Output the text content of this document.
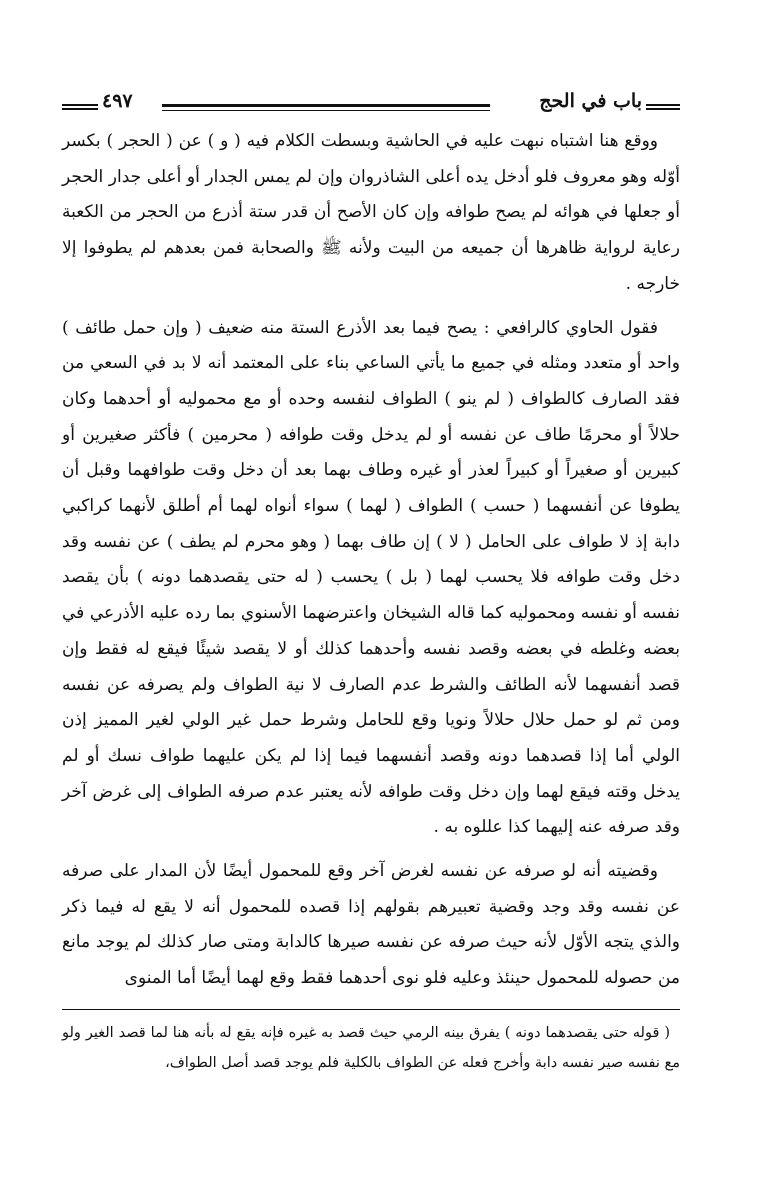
باب في الحج
٤٩٧

ووقع هنا اشتباه نبهت عليه في الحاشية وبسطت الكلام فيه ( و ) عن ( الحجر ) بكسر أوّله وهو معروف فلو أدخل يده أعلى الشاذروان وإن لم يمس الجدار أو أعلى جدار الحجر أو جعلها في هوائه لم يصح طوافه وإن كان الأصح أن قدر ستة أذرع من الحجر من الكعبة رعاية لرواية ظاهرها أن جميعه من البيت ولأنه ﷺ والصحابة فمن بعدهم لم يطوفوا إلا خارجه .

فقول الحاوي كالرافعي : يصح فيما بعد الأذرع الستة منه ضعيف ( وإن حمل طائف ) واحد أو متعدد ومثله في جميع ما يأتي الساعي بناء على المعتمد أنه لا بد في السعي من فقد الصارف كالطواف ( لم ينو ) الطواف لنفسه وحده أو مع محموليه أو أحدهما وكان حلالاً أو محرمًا طاف عن نفسه أو لم يدخل وقت طوافه ( محرمين ) فأكثر صغيرين أو كبيرين أو صغيراً أو كبيراً لعذر أو غيره وطاف بهما بعد أن دخل وقت طوافهما وقبل أن يطوفا عن أنفسهما ( حسب ) الطواف ( لهما ) سواء أنواه لهما أم أطلق لأنهما كراكبي دابة إذ لا طواف على الحامل ( لا ) إن طاف بهما ( وهو محرم لم يطف ) عن نفسه وقد دخل وقت طوافه فلا يحسب لهما ( بل ) يحسب ( له حتى يقصدهما دونه ) بأن يقصد نفسه أو نفسه ومحموليه كما قاله الشيخان واعترضهما الأسنوي بما رده عليه الأذرعي في بعضه وغلطه في بعضه وقصد نفسه وأحدهما كذلك أو لا يقصد شيئًا فيقع له فقط وإن قصد أنفسهما لأنه الطائف والشرط عدم الصارف لا نية الطواف ولم يصرفه عن نفسه ومن ثم لو حمل حلال حلالاً ونويا وقع للحامل وشرط حمل غير الولي لغير المميز إذن الولي أما إذا قصدهما دونه وقصد أنفسهما فيما إذا لم يكن عليهما طواف نسك أو لم يدخل وقته فيقع لهما وإن دخل وقت طوافه لأنه يعتبر عدم صرفه الطواف إلى غرض آخر وقد صرفه عنه إليهما كذا عللوه به .

وقضيته أنه لو صرفه عن نفسه لغرض آخر وقع للمحمول أيضًا لأن المدار على صرفه عن نفسه وقد وجد وقضية تعبيرهم بقولهم إذا قصده للمحمول أنه لا يقع له فيما ذكر والذي يتجه الأوّل لأنه حيث صرفه عن نفسه صيرها كالدابة ومتى صار كذلك لم يوجد مانع من حصوله للمحمول حينئذ وعليه فلو نوى أحدهما فقط وقع لهما أيضًا أما المنوى

( قوله حتى يقصدهما دونه ) يفرق بينه الرمي حيث قصد به غيره فإنه يقع له بأنه هنا لما قصد الغير ولو مع نفسه صير نفسه دابة وأخرج فعله عن الطواف بالكلية فلم يوجد قصد أصل الطواف،
